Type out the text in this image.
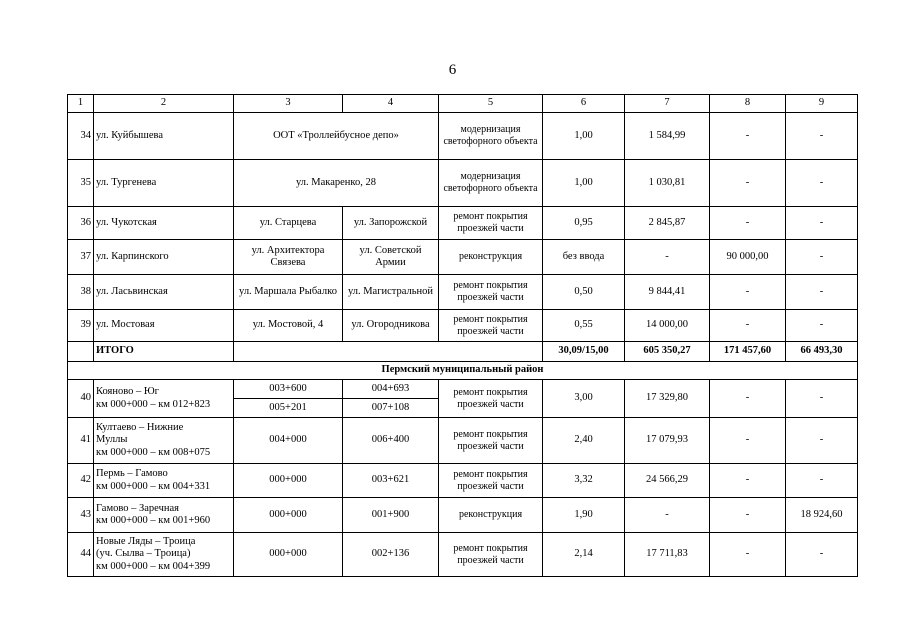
6
1	2	3	4	5	6	7	8	9
34	ул. Куйбышева	ООТ «Троллейбусное депо»		модернизация светофорного объекта	1,00	1 584,99	-	-
35	ул. Тургенева	ул. Макаренко, 28		модернизация светофорного объекта	1,00	1 030,81	-	-
36	ул. Чукотская	ул. Старцева	ул. Запорожской	ремонт покрытия проезжей части	0,95	2 845,87	-	-
37	ул. Карпинского	ул. Архитектора Связева	ул. Советской Армии	реконструкция	без ввода	-	90 000,00	-
38	ул. Ласьвинская	ул. Маршала Рыбалко	ул. Магистральной	ремонт покрытия проезжей части	0,50	9 844,41	-	-
39	ул. Мостовая	ул. Мостовой, 4	ул. Огородникова	ремонт покрытия проезжей части	0,55	14 000,00	-	-
	ИТОГО				30,09/15,00	605 350,27	171 457,60	66 493,30
Пермский муниципальный район								
40	Кояново – Юг
км 000+000 – км 012+823	003+600	004+693	ремонт покрытия проезжей части	3,00	17 329,80	-	-
		005+201	007+108					
41	Култаево – Нижние
Муллы
км 000+000 – км 008+075	004+000	006+400	ремонт покрытия проезжей части	2,40	17 079,93	-	-
42	Пермь – Гамово
км 000+000 – км 004+331	000+000	003+621	ремонт покрытия проезжей части	3,32	24 566,29	-	-
43	Гамово – Заречная
км 000+000 – км 001+960	000+000	001+900	реконструкция	1,90	-	-	18 924,60
44	Новые Ляды – Троица
(уч. Сылва – Троица)
км 000+000 – км 004+399	000+000	002+136	ремонт покрытия проезжей части	2,14	17 711,83	-	-
